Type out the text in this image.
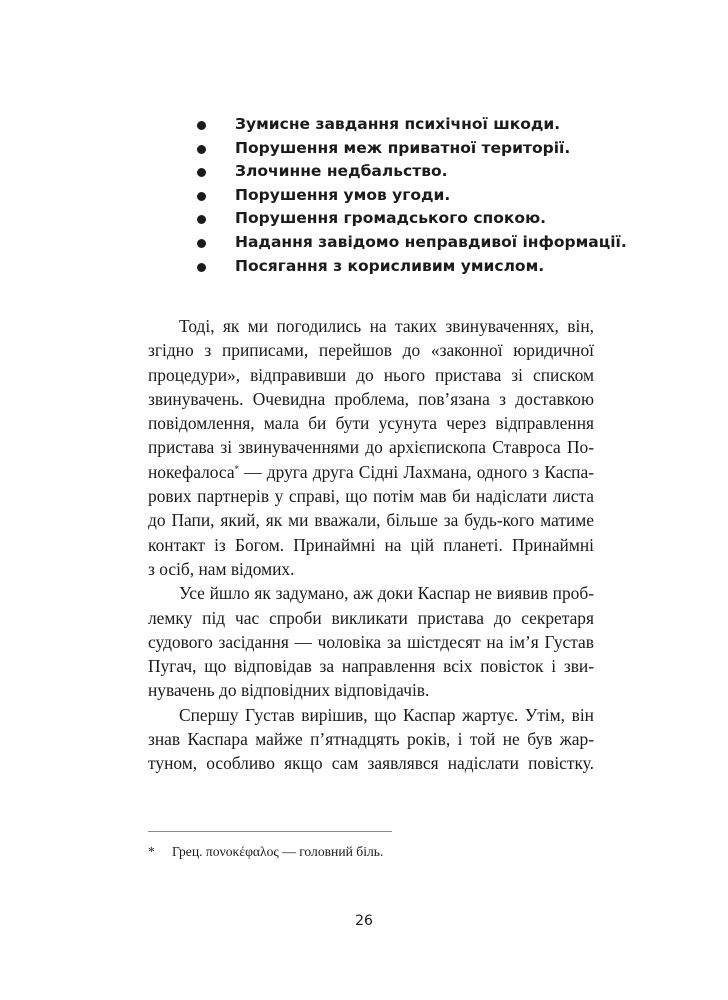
Зумисне завдання психічної шкоди.
Порушення меж приватної території.
Злочинне недбальство.
Порушення умов угоди.
Порушення громадського спокою.
Надання завідомо неправдивої інформації.
Посягання з корисливим умислом.

Тоді, як ми погодились на таких звинуваченнях, він,

згідно з приписами, перейшов до «законної юридичної

процедури», відправивши до нього пристава зі списком

звинувачень. Очевидна проблема, пов’язана з доставкою

повідомлення, мала би бути усунута через відправлення

пристава зі звинуваченнями до архієпископа Ставроса По-

нокефалоса* — друга друга Сідні Лахмана, одного з Каспа-

рових партнерів у справі, що потім мав би надіслати листа

до Папи, який, як ми вважали, більше за будь-кого матиме

контакт із Богом. Принаймні на цій планеті. Принаймні

з осіб, нам відомих.

Усе йшло як задумано, аж доки Каспар не виявив проб-

лемку під час спроби викликати пристава до секретаря

судового засідання — чоловіка за шістдесят на ім’я Густав

Пугач, що відповідав за направлення всіх повісток і зви-

нувачень до відповідних відповідачів.

Спершу Густав вирішив, що Каспар жартує. Утім, він

знав Каспара майже п’ятнадцять років, і той не був жар-

туном, особливо якщо сам заявлявся надіслати повістку.

* Грец. πονοκέφαλος — головний біль.
26
